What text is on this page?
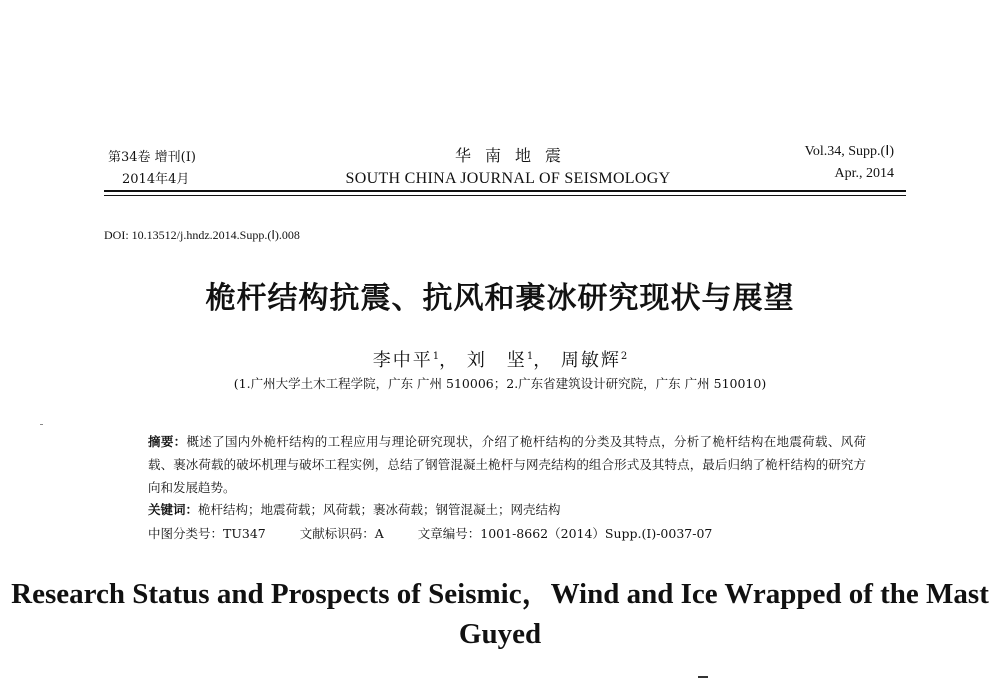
第34卷 增刊(Ⅰ)
2014年4月
华南地震
SOUTH CHINA JOURNAL OF SEISMOLOGY
Vol.34, Supp.(Ⅰ)
Apr., 2014
DOI: 10.13512/j.hndz.2014.Supp.(Ⅰ).008
桅杆结构抗震、抗风和裹冰研究现状与展望
李中平$^1$， 刘　坚$^1$， 周敏辉$^2$
(1.广州大学土木工程学院，广东 广州 510006；2.广东省建筑设计研究院，广东 广州 510010)
摘要：概述了国内外桅杆结构的工程应用与理论研究现状，介绍了桅杆结构的分类及其特点，分析了桅杆结构在地震荷载、风荷载、裹冰荷载的破坏机理与破坏工程实例，总结了钢管混凝土桅杆与网壳结构的组合形式及其特点，最后归纳了桅杆结构的研究方向和发展趋势。
关键词：桅杆结构；地震荷载；风荷载；裹冰荷载；钢管混凝土；网壳结构
中图分类号：TU347	文献标识码：A	文章编号：1001-8662（2014）Supp.(Ⅰ)-0037-07
Research Status and Prospects of Seismic，Wind and Ice Wrapped of the Mast Guyed
